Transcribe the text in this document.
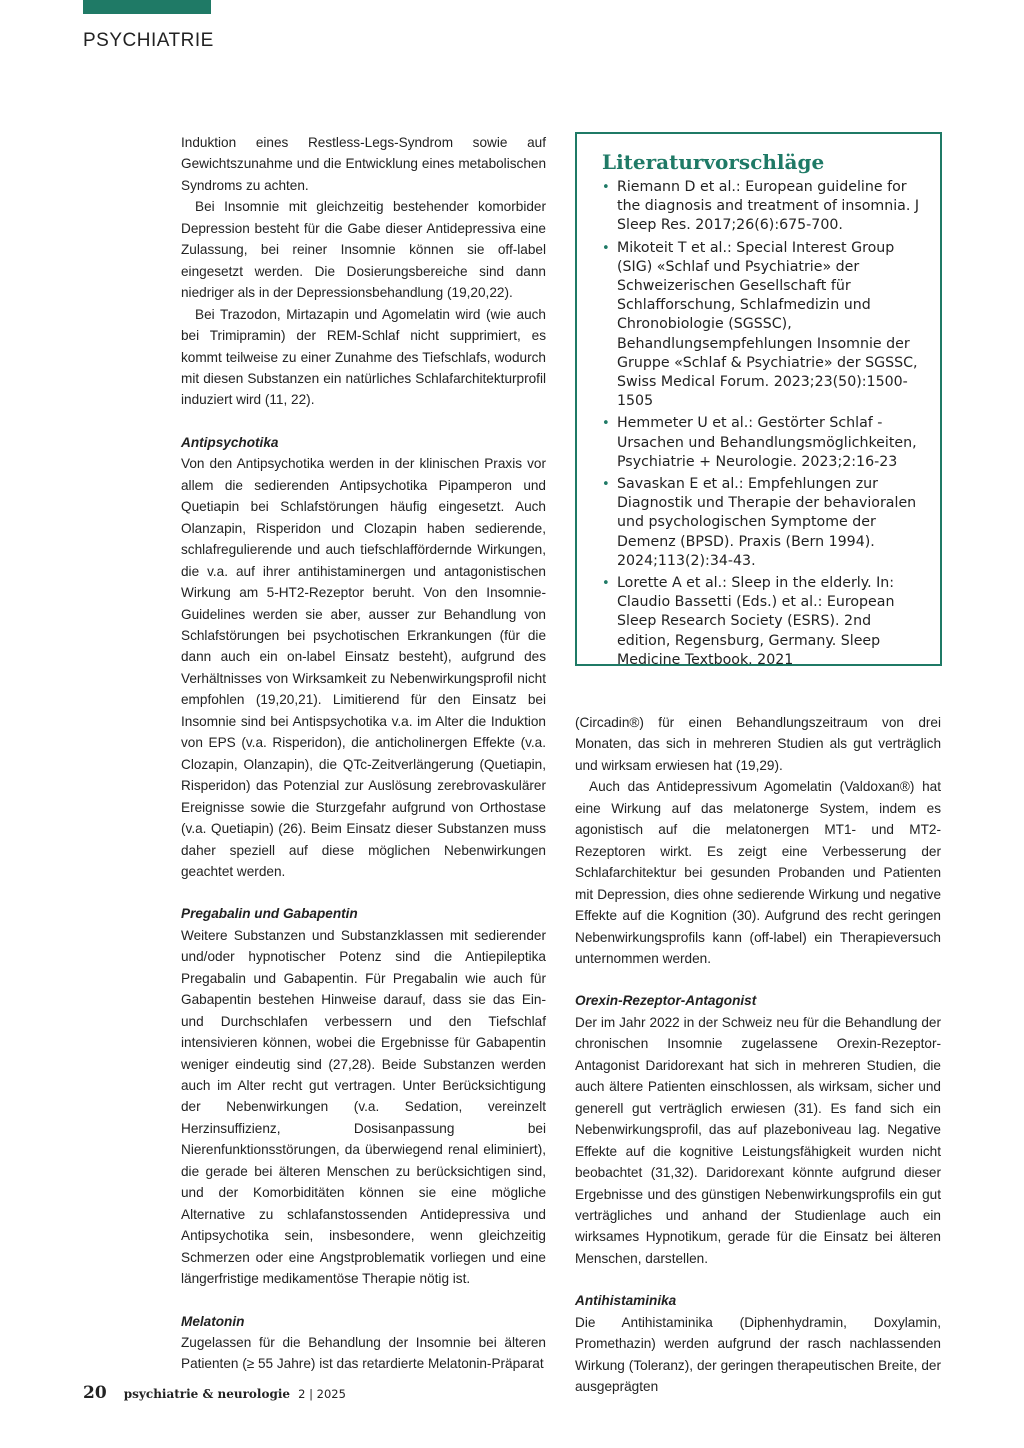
PSYCHIATRIE

Induktion eines Restless-Legs-Syndrom sowie auf Gewichtszunahme und die Entwicklung eines metabolischen Syndroms zu achten.

Bei Insomnie mit gleichzeitig bestehender komorbider Depression besteht für die Gabe dieser Antidepressiva eine Zulassung, bei reiner Insomnie können sie off-label eingesetzt werden. Die Dosierungsbereiche sind dann niedriger als in der Depressionsbehandlung (19,20,22).

Bei Trazodon, Mirtazapin und Agomelatin wird (wie auch bei Trimipramin) der REM-Schlaf nicht supprimiert, es kommt teilweise zu einer Zunahme des Tiefschlafs, wodurch mit diesen Substanzen ein natürliches Schlafarchitekturprofil induziert wird (11, 22).

Antipsychotika

Von den Antipsychotika werden in der klinischen Praxis vor allem die sedierenden Antipsychotika Pipamperon und Quetiapin bei Schlafstörungen häufig eingesetzt. Auch Olanzapin, Risperidon und Clozapin haben sedierende, schlafregulierende und auch tiefschlaffördernde Wirkungen, die v.a. auf ihrer antihistaminergen und antagonistischen Wirkung am 5-HT2-Rezeptor beruht. Von den Insomnie-Guidelines werden sie aber, ausser zur Behandlung von Schlafstörungen bei psychotischen Erkrankungen (für die dann auch ein on-label Einsatz besteht), aufgrund des Verhältnisses von Wirksamkeit zu Nebenwirkungsprofil nicht empfohlen (19,20,21). Limitierend für den Einsatz bei Insomnie sind bei Antispsychotika v.a. im Alter die Induktion von EPS (v.a. Risperidon), die anticholinergen Effekte (v.a. Clozapin, Olanzapin), die QTc-Zeitverlängerung (Quetiapin, Risperidon) das Potenzial zur Auslösung zerebrovaskulärer Ereignisse sowie die Sturzgefahr aufgrund von Orthostase (v.a. Quetiapin) (26). Beim Einsatz dieser Substanzen muss daher speziell auf diese möglichen Nebenwirkungen geachtet werden.

Pregabalin und Gabapentin

Weitere Substanzen und Substanzklassen mit sedierender und/oder hypnotischer Potenz sind die Antiepileptika Pregabalin und Gabapentin. Für Pregabalin wie auch für Gabapentin bestehen Hinweise darauf, dass sie das Ein- und Durchschlafen verbessern und den Tiefschlaf intensivieren können, wobei die Ergebnisse für Gabapentin weniger eindeutig sind (27,28). Beide Substanzen werden auch im Alter recht gut vertragen. Unter Berücksichtigung der Nebenwirkungen (v.a. Sedation, vereinzelt Herzinsuffizienz, Dosisanpassung bei Nierenfunktionsstörungen, da überwiegend renal eliminiert), die gerade bei älteren Menschen zu berücksichtigen sind, und der Komorbiditäten können sie eine mögliche Alternative zu schlafanstossenden Antidepressiva und Antipsychotika sein, insbesondere, wenn gleichzeitig Schmerzen oder eine Angstproblematik vorliegen und eine längerfristige medikamentöse Therapie nötig ist.

Melatonin

Zugelassen für die Behandlung der Insomnie bei älteren Patienten (≥ 55 Jahre) ist das retardierte Melatonin-Präparat

Literaturvorschläge
• Riemann D et al.: European guideline for the diagnosis and treatment of insomnia. J Sleep Res. 2017;26(6):675-700.
• Mikoteit T et al.: Special Interest Group (SIG) «Schlaf und Psychiatrie» der Schweizerischen Gesellschaft für Schlafforschung, Schlafmedizin und Chronobiologie (SGSSC), Behandlungsempfehlungen Insomnie der Gruppe «Schlaf & Psychiatrie» der SGSSC, Swiss Medical Forum. 2023;23(50):1500-1505
• Hemmeter U et al.: Gestörter Schlaf - Ursachen und Behandlungsmöglichkeiten, Psychiatrie + Neurologie. 2023;2:16-23
• Savaskan E et al.: Empfehlungen zur Diagnostik und Therapie der behavioralen und psychologischen Symptome der Demenz (BPSD). Praxis (Bern 1994). 2024;113(2):34-43.
• Lorette A et al.: Sleep in the elderly. In: Claudio Bassetti (Eds.) et al.: European Sleep Research Society (ESRS). 2nd edition, Regensburg, Germany. Sleep Medicine Textbook. 2021

(Circadin®) für einen Behandlungszeitraum von drei Monaten, das sich in mehreren Studien als gut verträglich und wirksam erwiesen hat (19,29).

Auch das Antidepressivum Agomelatin (Valdoxan®) hat eine Wirkung auf das melatonerge System, indem es agonistisch auf die melatonergen MT1- und MT2-Rezeptoren wirkt. Es zeigt eine Verbesserung der Schlafarchitektur bei gesunden Probanden und Patienten mit Depression, dies ohne sedierende Wirkung und negative Effekte auf die Kognition (30). Aufgrund des recht geringen Nebenwirkungsprofils kann (off-label) ein Therapieversuch unternommen werden.

Orexin-Rezeptor-Antagonist

Der im Jahr 2022 in der Schweiz neu für die Behandlung der chronischen Insomnie zugelassene Orexin-Rezeptor-Antagonist Daridorexant hat sich in mehreren Studien, die auch ältere Patienten einschlossen, als wirksam, sicher und generell gut verträglich erwiesen (31). Es fand sich ein Nebenwirkungsprofil, das auf plazeboniveau lag. Negative Effekte auf die kognitive Leistungsfähigkeit wurden nicht beobachtet (31,32). Daridorexant könnte aufgrund dieser Ergebnisse und des günstigen Nebenwirkungsprofils ein gut verträgliches und anhand der Studienlage auch ein wirksames Hypnotikum, gerade für die Einsatz bei älteren Menschen, darstellen.

Antihistaminika

Die Antihistaminika (Diphenhydramin, Doxylamin, Promethazin) werden aufgrund der rasch nachlassenden Wirkung (Toleranz), der geringen therapeutischen Breite, der ausgeprägten

20 psychiatrie & neurologie 2 | 2025
